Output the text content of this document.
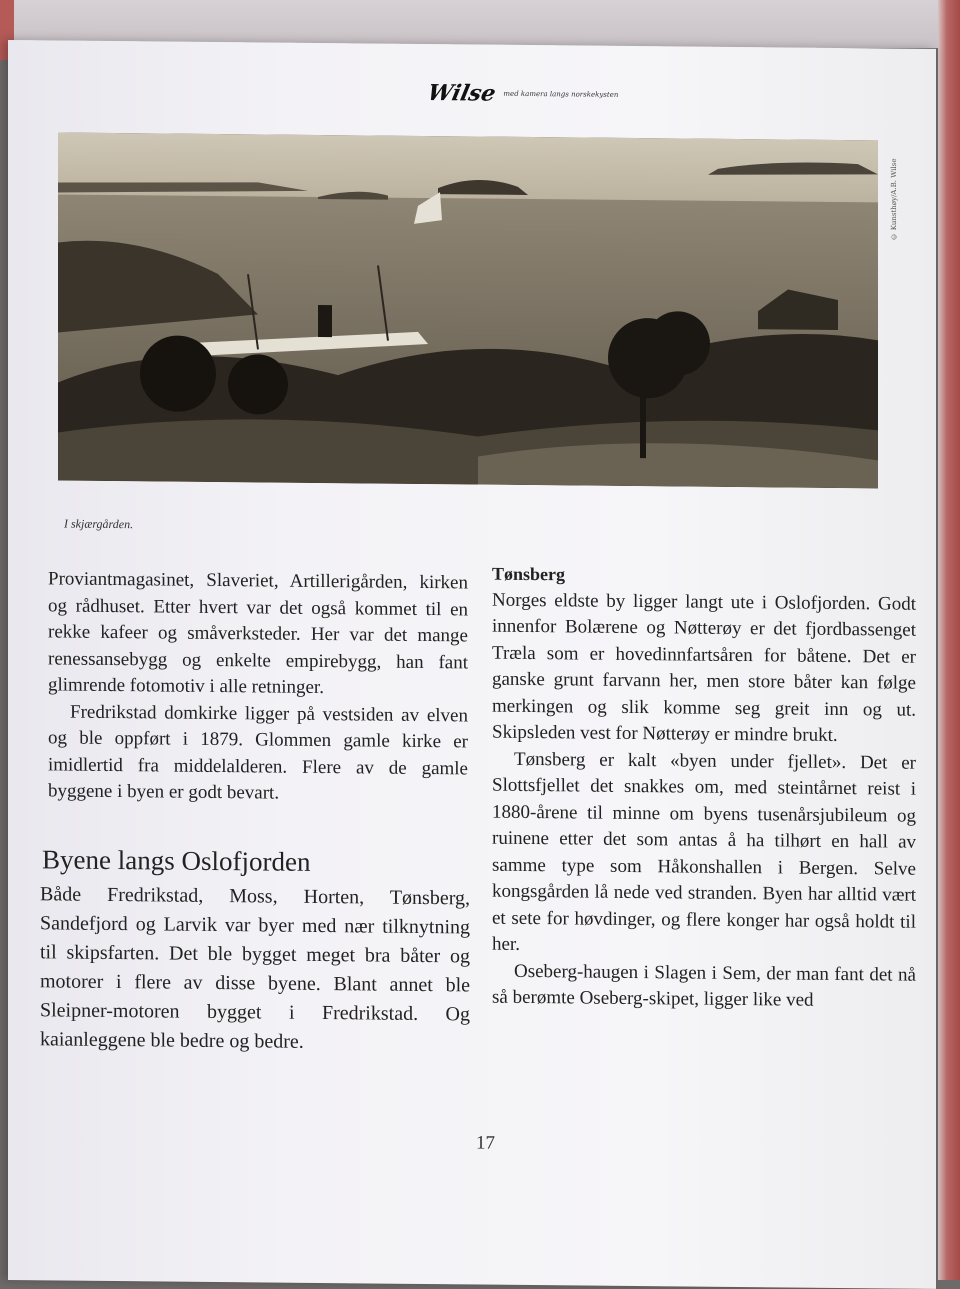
Wilse med kamera langs norskekysten
© Kunsthøy/A.B. Wilse
I skjærgården.

Proviantmagasinet, Slaveriet, Artillerigården, kirken og rådhuset. Etter hvert var det også kommet til en rekke kafeer og småverksteder. Her var det mange renessansebygg og enkelte empirebygg, han fant glimrende fotomotiv i alle retninger.

Fredrikstad domkirke ligger på vestsiden av elven og ble oppført i 1879. Glommen gamle kirke er imidlertid fra middelalderen. Flere av de gamle byggene i byen er godt bevart.

Byene langs Oslofjorden

Både Fredrikstad, Moss, Horten, Tønsberg, Sandefjord og Larvik var byer med nær tilknytning til skipsfarten. Det ble bygget meget bra båter og motorer i flere av disse byene. Blant annet ble Sleipner-motoren bygget i Fredrikstad. Og kaianleggene ble bedre og bedre.

Tønsberg

Norges eldste by ligger langt ute i Oslofjorden. Godt innenfor Bolærene og Nøtterøy er det fjordbassenget Træla som er hovedinnfartsåren for båtene. Det er ganske grunt farvann her, men store båter kan følge merkingen og slik komme seg greit inn og ut. Skipsleden vest for Nøtterøy er mindre brukt.

Tønsberg er kalt «byen under fjellet». Det er Slottsfjellet det snakkes om, med steintårnet reist i 1880-årene til minne om byens tusenårsjubileum og ruinene etter det som antas å ha tilhørt en hall av samme type som Håkonshallen i Bergen. Selve kongsgården lå nede ved stranden. Byen har alltid vært et sete for høvdinger, og flere konger har også holdt til her.

Oseberg-haugen i Slagen i Sem, der man fant det nå så berømte Oseberg-skipet, ligger like ved

17
